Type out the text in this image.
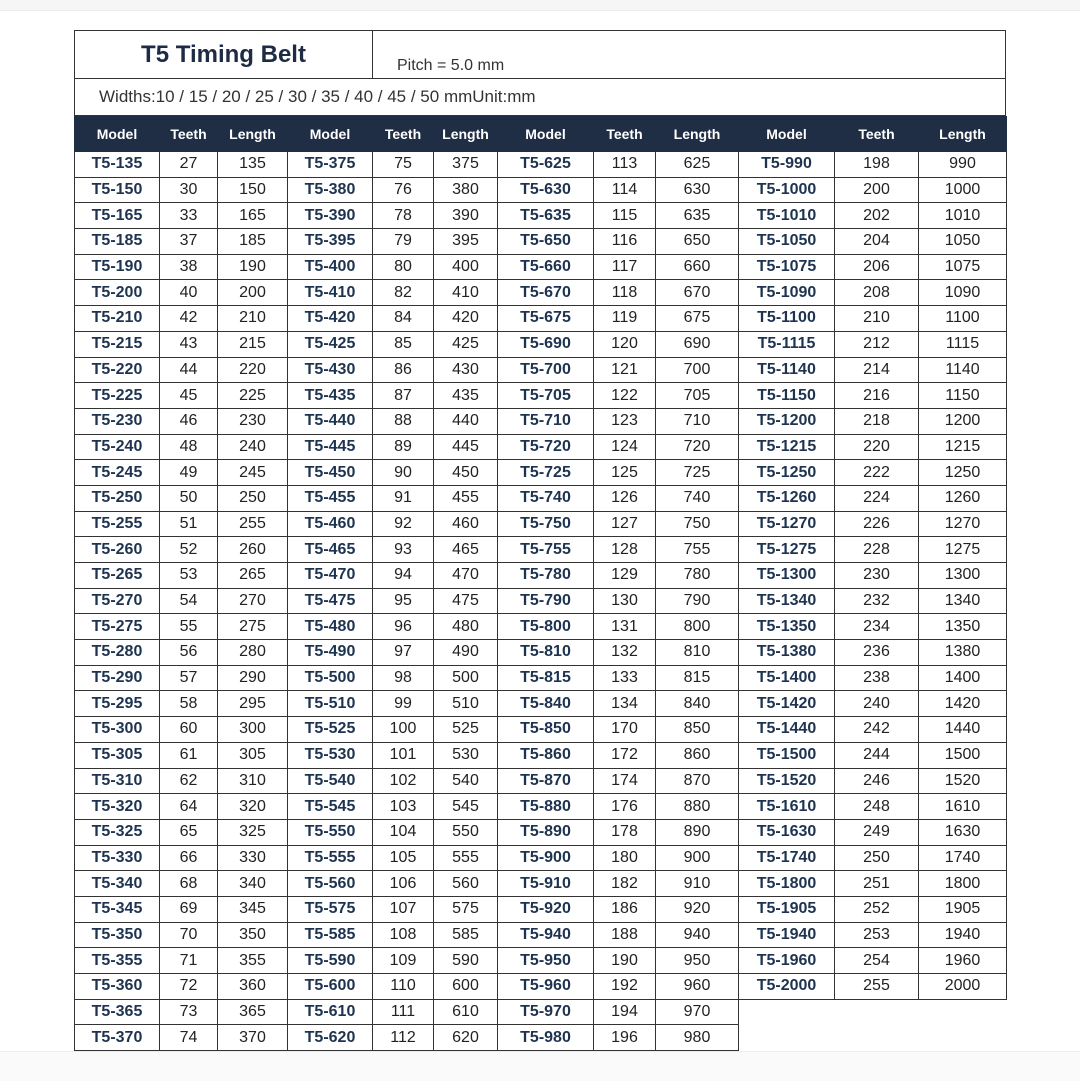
T5 Timing Belt	Pitch = 5.0 mm
Widths:10 / 15 / 20 / 25 / 30 / 35 / 40 / 45 / 50 mmUnit:mm
Model	Teeth	Length	Model	Teeth	Length	Model	Teeth	Length	Model	Teeth	Length
T5-135	27	135	T5-375	75	375	T5-625	113	625	T5-990	198	990
T5-150	30	150	T5-380	76	380	T5-630	114	630	T5-1000	200	1000
T5-165	33	165	T5-390	78	390	T5-635	115	635	T5-1010	202	1010
T5-185	37	185	T5-395	79	395	T5-650	116	650	T5-1050	204	1050
T5-190	38	190	T5-400	80	400	T5-660	117	660	T5-1075	206	1075
T5-200	40	200	T5-410	82	410	T5-670	118	670	T5-1090	208	1090
T5-210	42	210	T5-420	84	420	T5-675	119	675	T5-1100	210	1100
T5-215	43	215	T5-425	85	425	T5-690	120	690	T5-1115	212	1115
T5-220	44	220	T5-430	86	430	T5-700	121	700	T5-1140	214	1140
T5-225	45	225	T5-435	87	435	T5-705	122	705	T5-1150	216	1150
T5-230	46	230	T5-440	88	440	T5-710	123	710	T5-1200	218	1200
T5-240	48	240	T5-445	89	445	T5-720	124	720	T5-1215	220	1215
T5-245	49	245	T5-450	90	450	T5-725	125	725	T5-1250	222	1250
T5-250	50	250	T5-455	91	455	T5-740	126	740	T5-1260	224	1260
T5-255	51	255	T5-460	92	460	T5-750	127	750	T5-1270	226	1270
T5-260	52	260	T5-465	93	465	T5-755	128	755	T5-1275	228	1275
T5-265	53	265	T5-470	94	470	T5-780	129	780	T5-1300	230	1300
T5-270	54	270	T5-475	95	475	T5-790	130	790	T5-1340	232	1340
T5-275	55	275	T5-480	96	480	T5-800	131	800	T5-1350	234	1350
T5-280	56	280	T5-490	97	490	T5-810	132	810	T5-1380	236	1380
T5-290	57	290	T5-500	98	500	T5-815	133	815	T5-1400	238	1400
T5-295	58	295	T5-510	99	510	T5-840	134	840	T5-1420	240	1420
T5-300	60	300	T5-525	100	525	T5-850	170	850	T5-1440	242	1440
T5-305	61	305	T5-530	101	530	T5-860	172	860	T5-1500	244	1500
T5-310	62	310	T5-540	102	540	T5-870	174	870	T5-1520	246	1520
T5-320	64	320	T5-545	103	545	T5-880	176	880	T5-1610	248	1610
T5-325	65	325	T5-550	104	550	T5-890	178	890	T5-1630	249	1630
T5-330	66	330	T5-555	105	555	T5-900	180	900	T5-1740	250	1740
T5-340	68	340	T5-560	106	560	T5-910	182	910	T5-1800	251	1800
T5-345	69	345	T5-575	107	575	T5-920	186	920	T5-1905	252	1905
T5-350	70	350	T5-585	108	585	T5-940	188	940	T5-1940	253	1940
T5-355	71	355	T5-590	109	590	T5-950	190	950	T5-1960	254	1960
T5-360	72	360	T5-600	110	600	T5-960	192	960	T5-2000	255	2000
T5-365	73	365	T5-610	111	610	T5-970	194	970			
T5-370	74	370	T5-620	112	620	T5-980	196	980			
